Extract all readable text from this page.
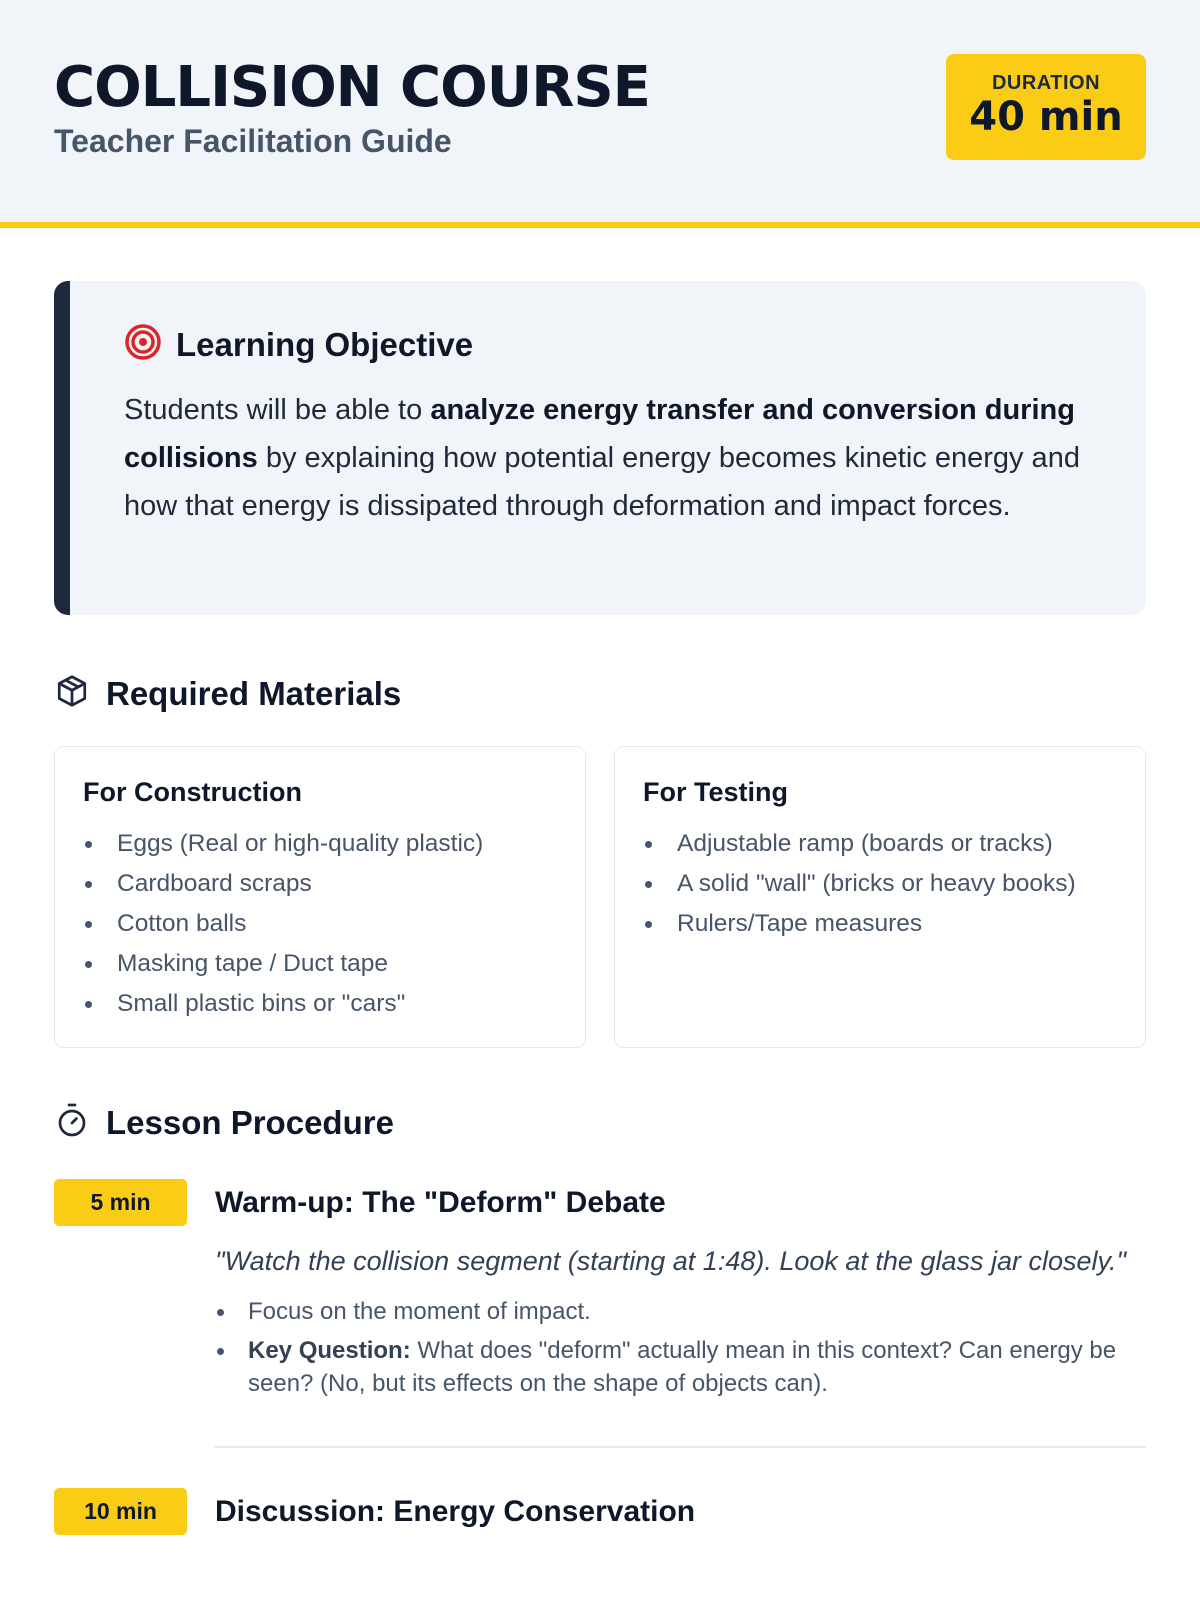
COLLISION COURSE
Teacher Facilitation Guide
DURATION
40 min
Learning Objective

Students will be able to analyze energy transfer and conversion during collisions by explaining how potential energy becomes kinetic energy and how that energy is dissipated through deformation and impact forces.

Required Materials
For Construction
Eggs (Real or high-quality plastic)
Cardboard scraps
Cotton balls
Masking tape / Duct tape
Small plastic bins or "cars"
For Testing
Adjustable ramp (boards or tracks)
A solid "wall" (bricks or heavy books)
Rulers/Tape measures
Lesson Procedure
5 min	Warm-up: The "Deform" Debate
"Watch the collision segment (starting at 1:48). Look at the glass jar closely."
Focus on the moment of impact.
Key Question: What does "deform" actually mean in this context? Can energy be seen? (No, but its effects on the shape of objects can).
10 min	Discussion: Energy Conservation
